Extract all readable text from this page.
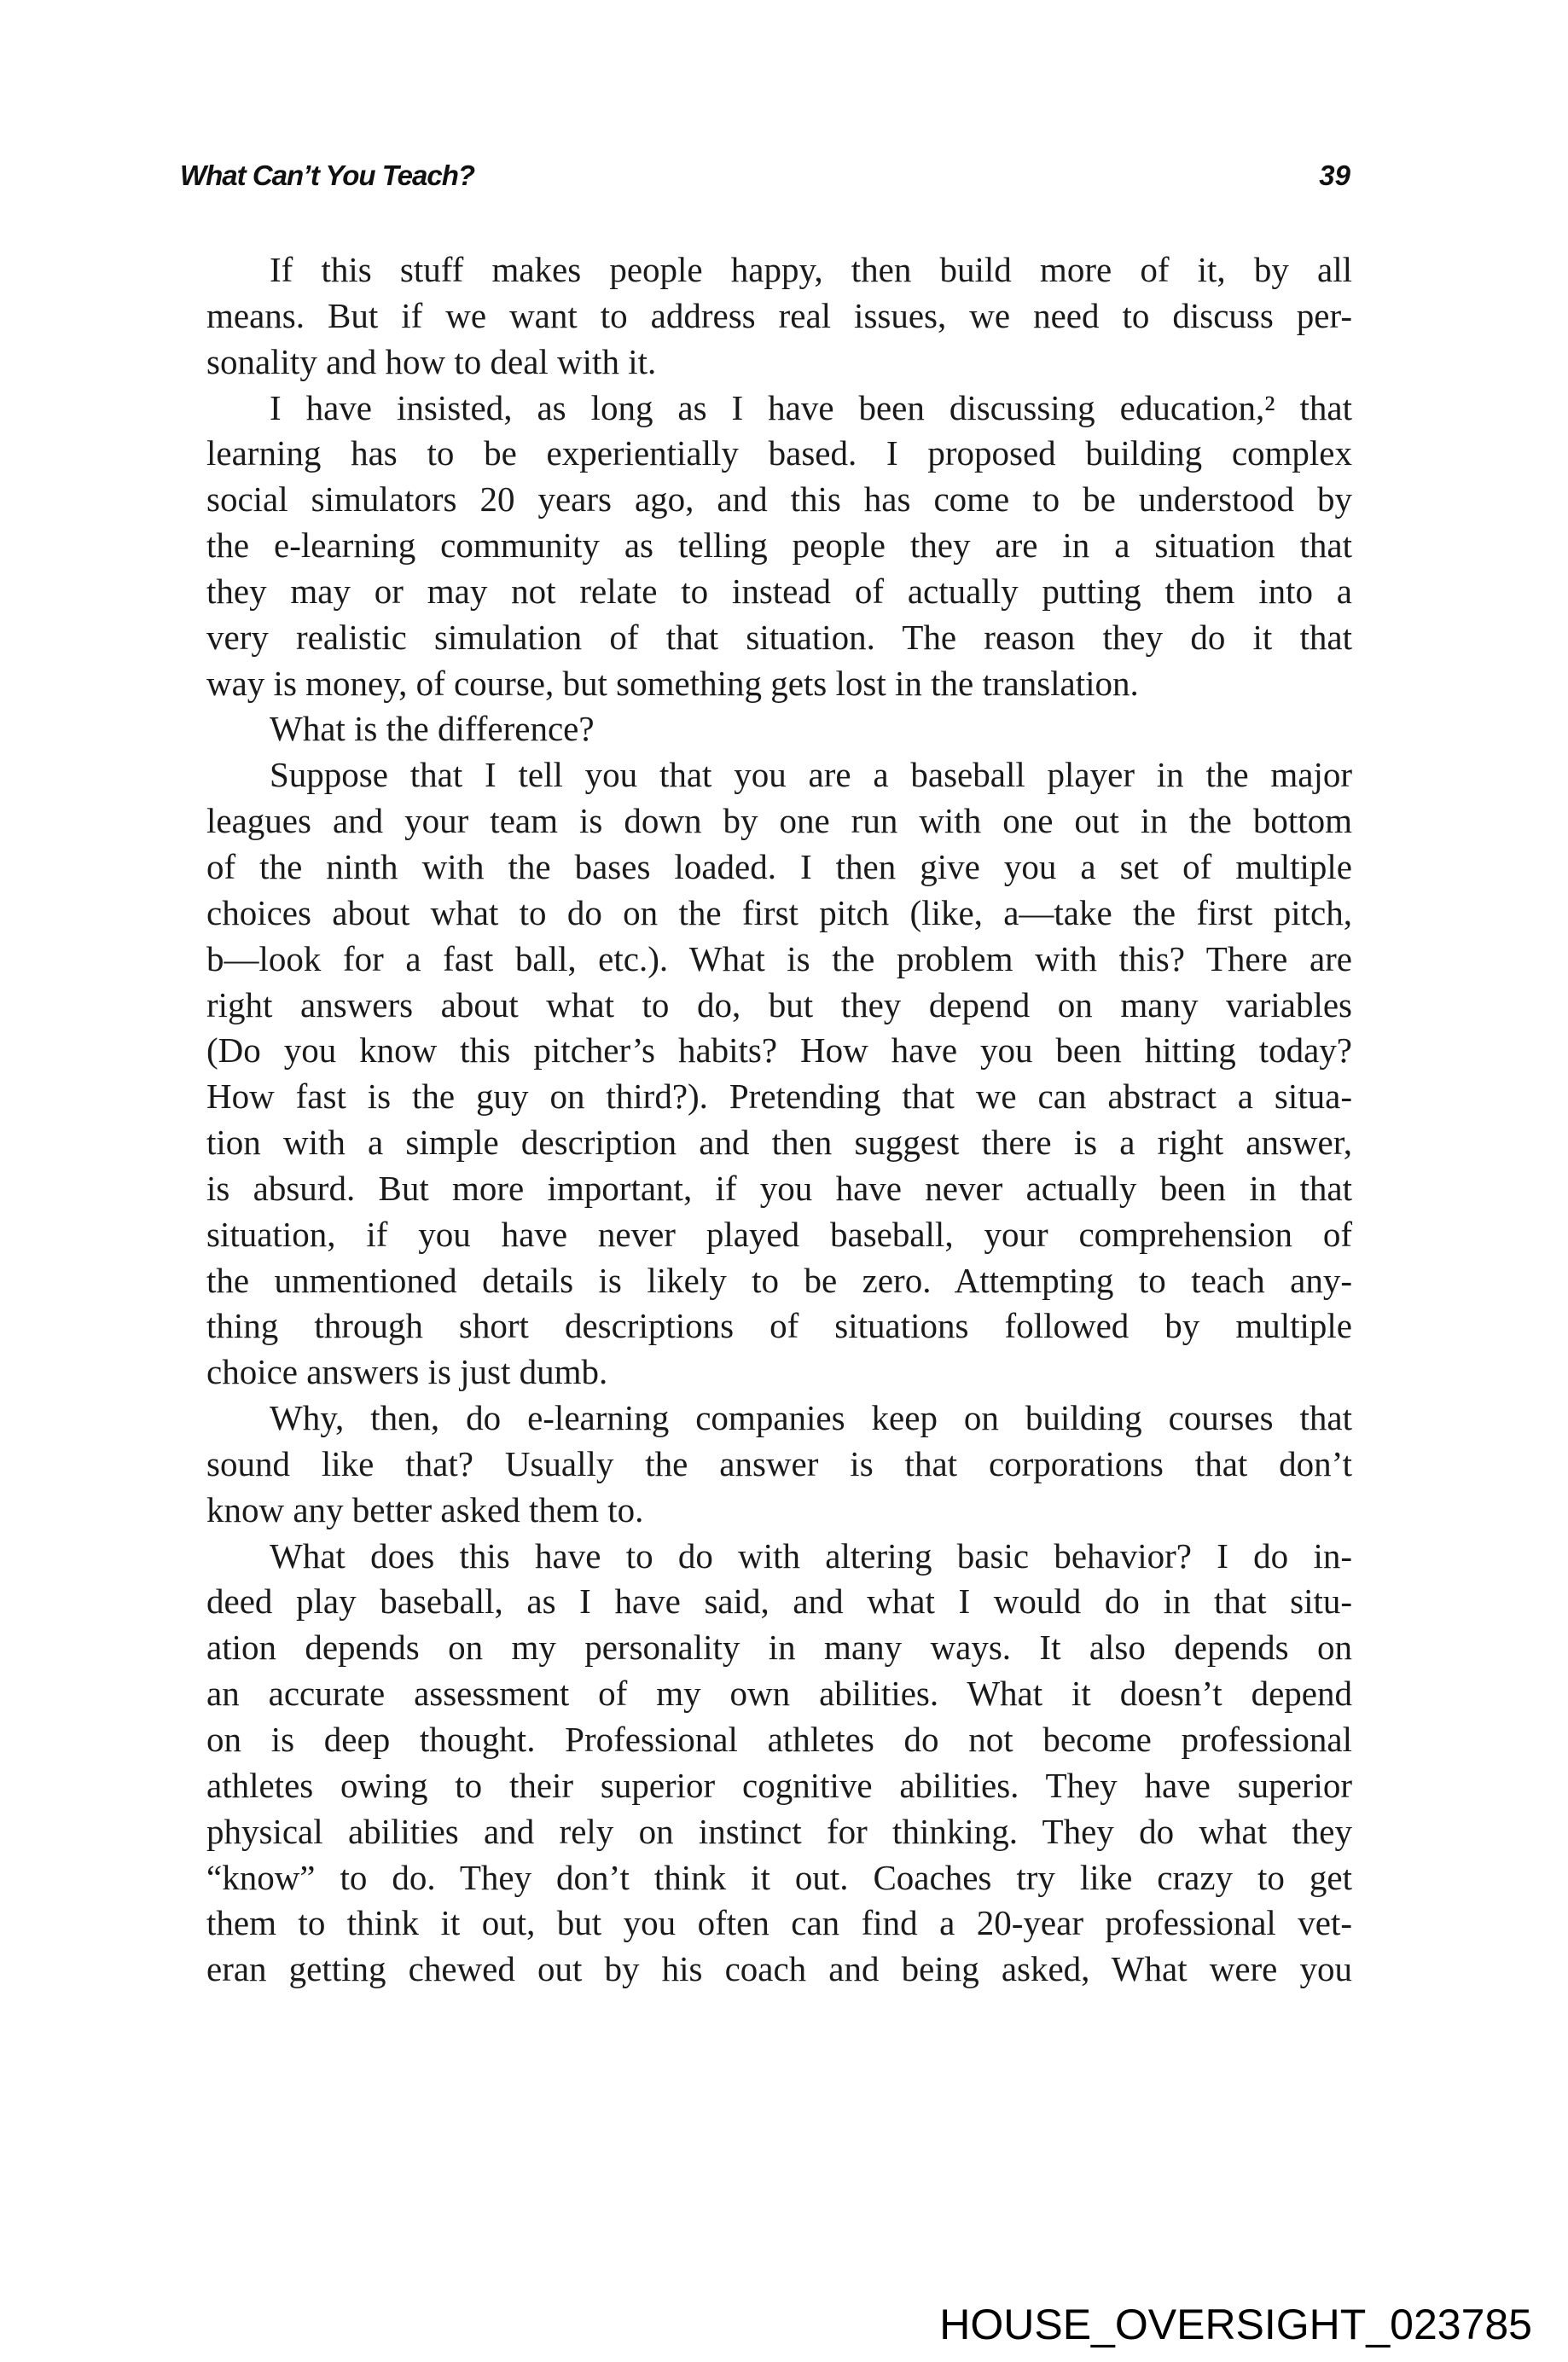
What Can’t You Teach?	39
If this stuff makes people happy, then build more of it, by all
means. But if we want to address real issues, we need to discuss per-
sonality and how to deal with it.
I have insisted, as long as I have been discussing education,² that
learning has to be experientially based. I proposed building complex
social simulators 20 years ago, and this has come to be understood by
the e-learning community as telling people they are in a situation that
they may or may not relate to instead of actually putting them into a
very realistic simulation of that situation. The reason they do it that
way is money, of course, but something gets lost in the translation.
What is the difference?
Suppose that I tell you that you are a baseball player in the major
leagues and your team is down by one run with one out in the bottom
of the ninth with the bases loaded. I then give you a set of multiple
choices about what to do on the first pitch (like, a—take the first pitch,
b—look for a fast ball, etc.). What is the problem with this? There are
right answers about what to do, but they depend on many variables
(Do you know this pitcher’s habits? How have you been hitting today?
How fast is the guy on third?). Pretending that we can abstract a situa-
tion with a simple description and then suggest there is a right answer,
is absurd. But more important, if you have never actually been in that
situation, if you have never played baseball, your comprehension of
the unmentioned details is likely to be zero. Attempting to teach any-
thing through short descriptions of situations followed by multiple
choice answers is just dumb.
Why, then, do e-learning companies keep on building courses that
sound like that? Usually the answer is that corporations that don’t
know any better asked them to.
What does this have to do with altering basic behavior? I do in-
deed play baseball, as I have said, and what I would do in that situ-
ation depends on my personality in many ways. It also depends on
an accurate assessment of my own abilities. What it doesn’t depend
on is deep thought. Professional athletes do not become professional
athletes owing to their superior cognitive abilities. They have superior
physical abilities and rely on instinct for thinking. They do what they
“know” to do. They don’t think it out. Coaches try like crazy to get
them to think it out, but you often can find a 20-year professional vet-
eran getting chewed out by his coach and being asked, What were you
HOUSE_OVERSIGHT_023785
